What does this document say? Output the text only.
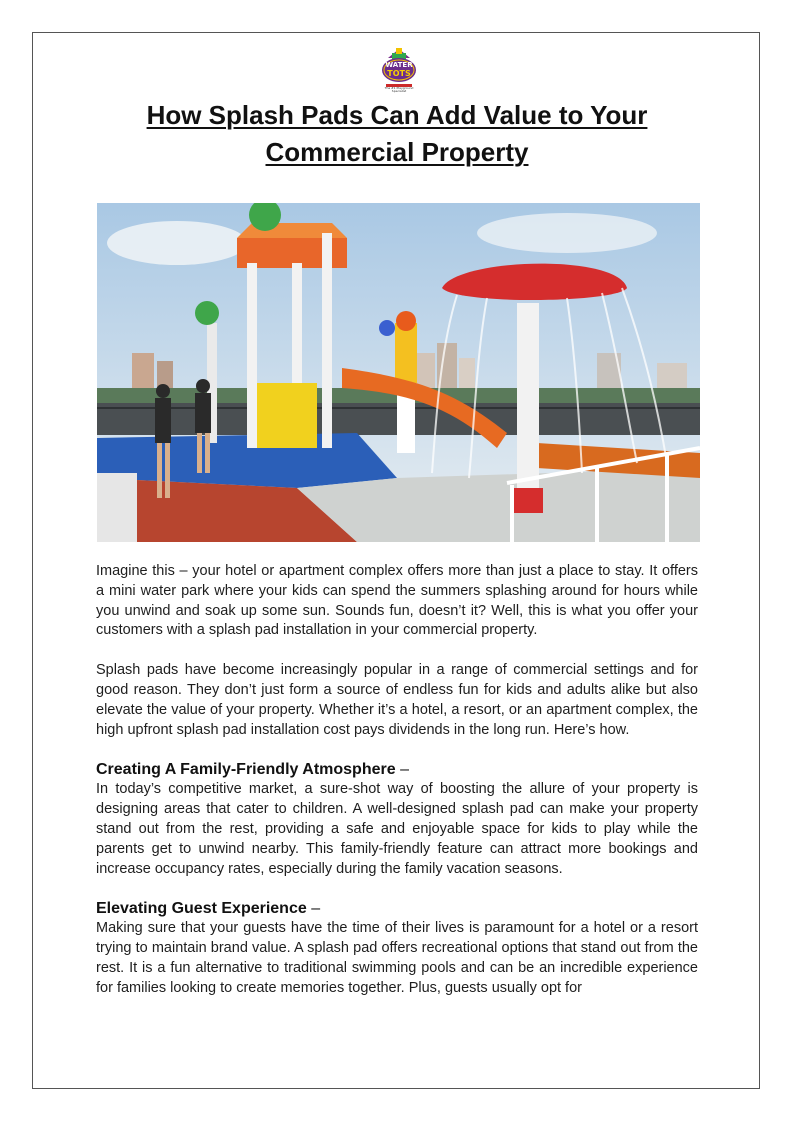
WATER
TOTS
The #1 Playground Specialist
How Splash Pads Can Add Value to Your Commercial Property

Imagine this – your hotel or apartment complex offers more than just a place to stay. It offers a mini water park where your kids can spend the summers splashing around for hours while you unwind and soak up some sun. Sounds fun, doesn’t it? Well, this is what you offer your customers with a splash pad installation in your commercial property.

Splash pads have become increasingly popular in a range of commercial settings and for good reason. They don’t just form a source of endless fun for kids and adults alike but also elevate the value of your property. Whether it’s a hotel, a resort, or an apartment complex, the high upfront splash pad installation cost pays dividends in the long run. Here’s how.

Creating A Family-Friendly Atmosphere –

In today’s competitive market, a sure-shot way of boosting the allure of your property is designing areas that cater to children. A well-designed splash pad can make your property stand out from the rest, providing a safe and enjoyable space for kids to play while the parents get to unwind nearby. This family-friendly feature can attract more bookings and increase occupancy rates, especially during the family vacation seasons.

Elevating Guest Experience –

Making sure that your guests have the time of their lives is paramount for a hotel or a resort trying to maintain brand value. A splash pad offers recreational options that stand out from the rest. It is a fun alternative to traditional swimming pools and can be an incredible experience for families looking to create memories together. Plus, guests usually opt for
